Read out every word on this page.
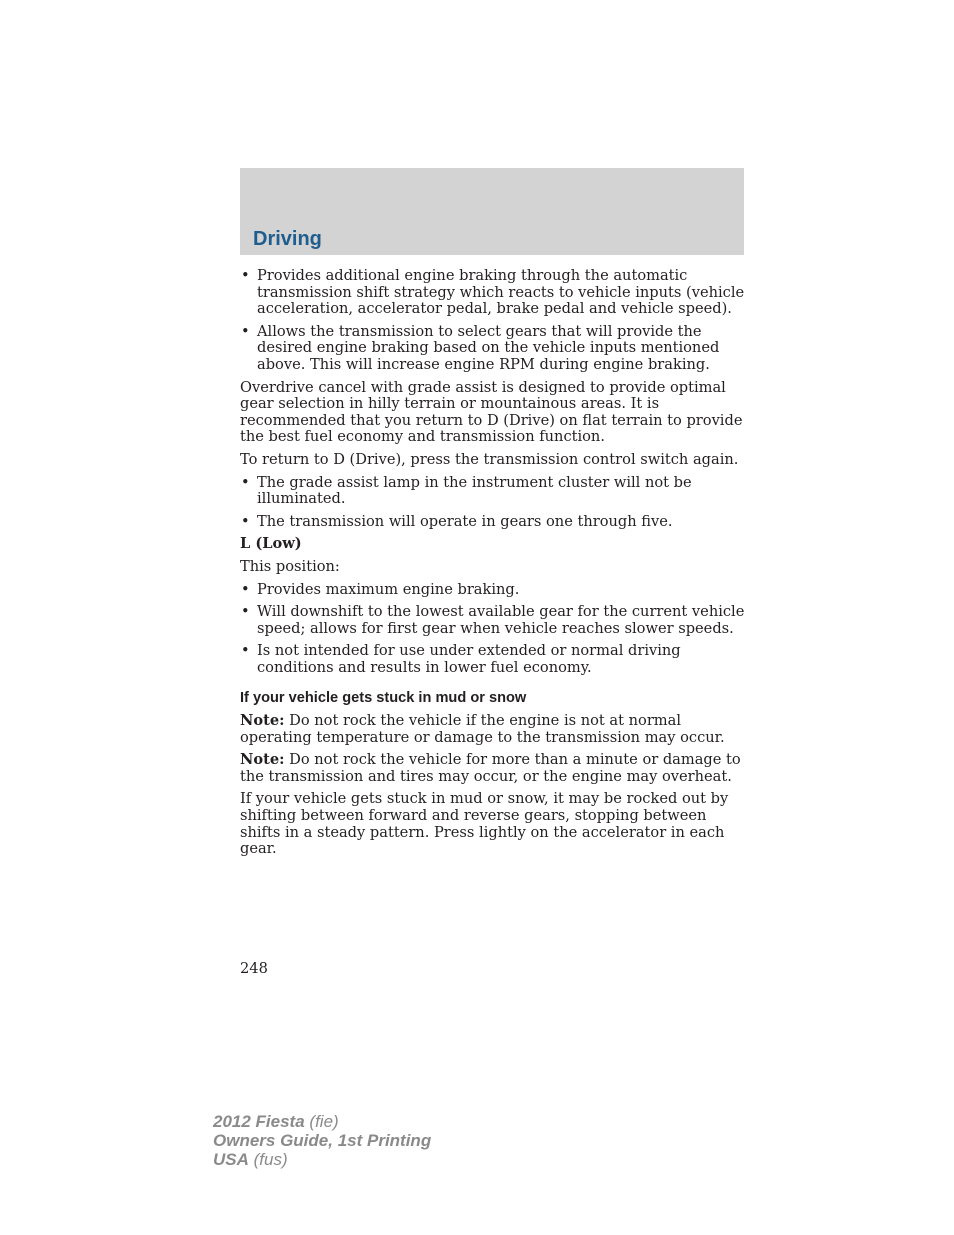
Driving
• Provides additional engine braking through the automatic transmission shift strategy which reacts to vehicle inputs (vehicle acceleration, accelerator pedal, brake pedal and vehicle speed).
• Allows the transmission to select gears that will provide the desired engine braking based on the vehicle inputs mentioned above. This will increase engine RPM during engine braking.

Overdrive cancel with grade assist is designed to provide optimal gear selection in hilly terrain or mountainous areas. It is recommended that you return to D (Drive) on flat terrain to provide the best fuel economy and transmission function.

To return to D (Drive), press the transmission control switch again.

• The grade assist lamp in the instrument cluster will not be illuminated.
• The transmission will operate in gears one through five.

L (Low)

This position:

• Provides maximum engine braking.
• Will downshift to the lowest available gear for the current vehicle speed; allows for first gear when vehicle reaches slower speeds.
• Is not intended for use under extended or normal driving conditions and results in lower fuel economy.
If your vehicle gets stuck in mud or snow

Note: Do not rock the vehicle if the engine is not at normal operating temperature or damage to the transmission may occur.

Note: Do not rock the vehicle for more than a minute or damage to the transmission and tires may occur, or the engine may overheat.

If your vehicle gets stuck in mud or snow, it may be rocked out by shifting between forward and reverse gears, stopping between shifts in a steady pattern. Press lightly on the accelerator in each gear.

248
2012 Fiesta (fie)
Owners Guide, 1st Printing
USA (fus)
